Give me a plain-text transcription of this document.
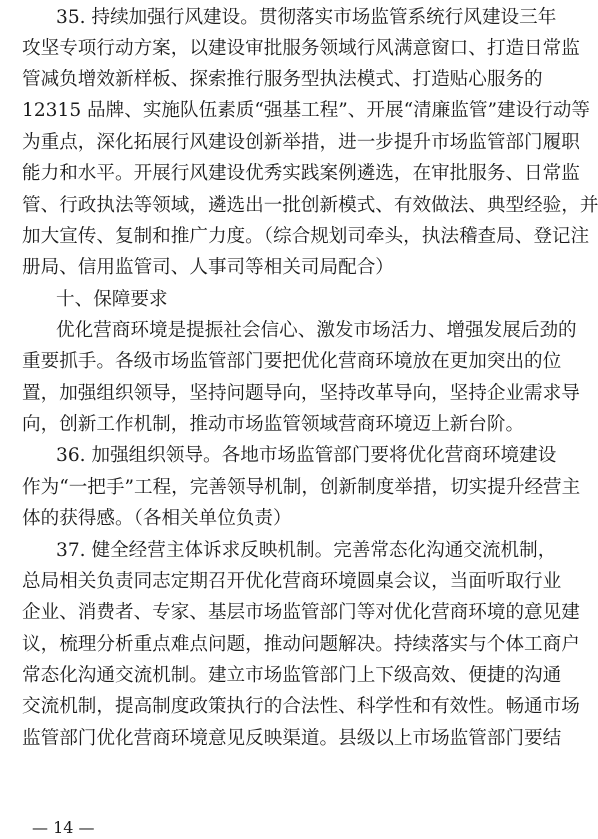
35. 持续加强行风建设。贯彻落实市场监管系统行风建设三年
攻坚专项行动方案，以建设审批服务领域行风满意窗口、打造日常监
管减负增效新样板、探索推行服务型执法模式、打造贴心服务的
12315 品牌、实施队伍素质“强基工程”、开展“清廉监管”建设行动等
为重点，深化拓展行风建设创新举措，进一步提升市场监管部门履职
能力和水平。开展行风建设优秀实践案例遴选，在审批服务、日常监
管、行政执法等领域，遴选出一批创新模式、有效做法、典型经验，并
加大宣传、复制和推广力度。（综合规划司牵头，执法稽查局、登记注
册局、信用监管司、人事司等相关司局配合）
十、保障要求
优化营商环境是提振社会信心、激发市场活力、增强发展后劲的
重要抓手。各级市场监管部门要把优化营商环境放在更加突出的位
置，加强组织领导，坚持问题导向，坚持改革导向，坚持企业需求导
向，创新工作机制，推动市场监管领域营商环境迈上新台阶。
36. 加强组织领导。各地市场监管部门要将优化营商环境建设
作为“一把手”工程，完善领导机制，创新制度举措，切实提升经营主
体的获得感。（各相关单位负责）
37. 健全经营主体诉求反映机制。完善常态化沟通交流机制，
总局相关负责同志定期召开优化营商环境圆桌会议，当面听取行业
企业、消费者、专家、基层市场监管部门等对优化营商环境的意见建
议，梳理分析重点难点问题，推动问题解决。持续落实与个体工商户
常态化沟通交流机制。建立市场监管部门上下级高效、便捷的沟通
交流机制，提高制度政策执行的合法性、科学性和有效性。畅通市场
监管部门优化营商环境意见反映渠道。县级以上市场监管部门要结
— 14 —
